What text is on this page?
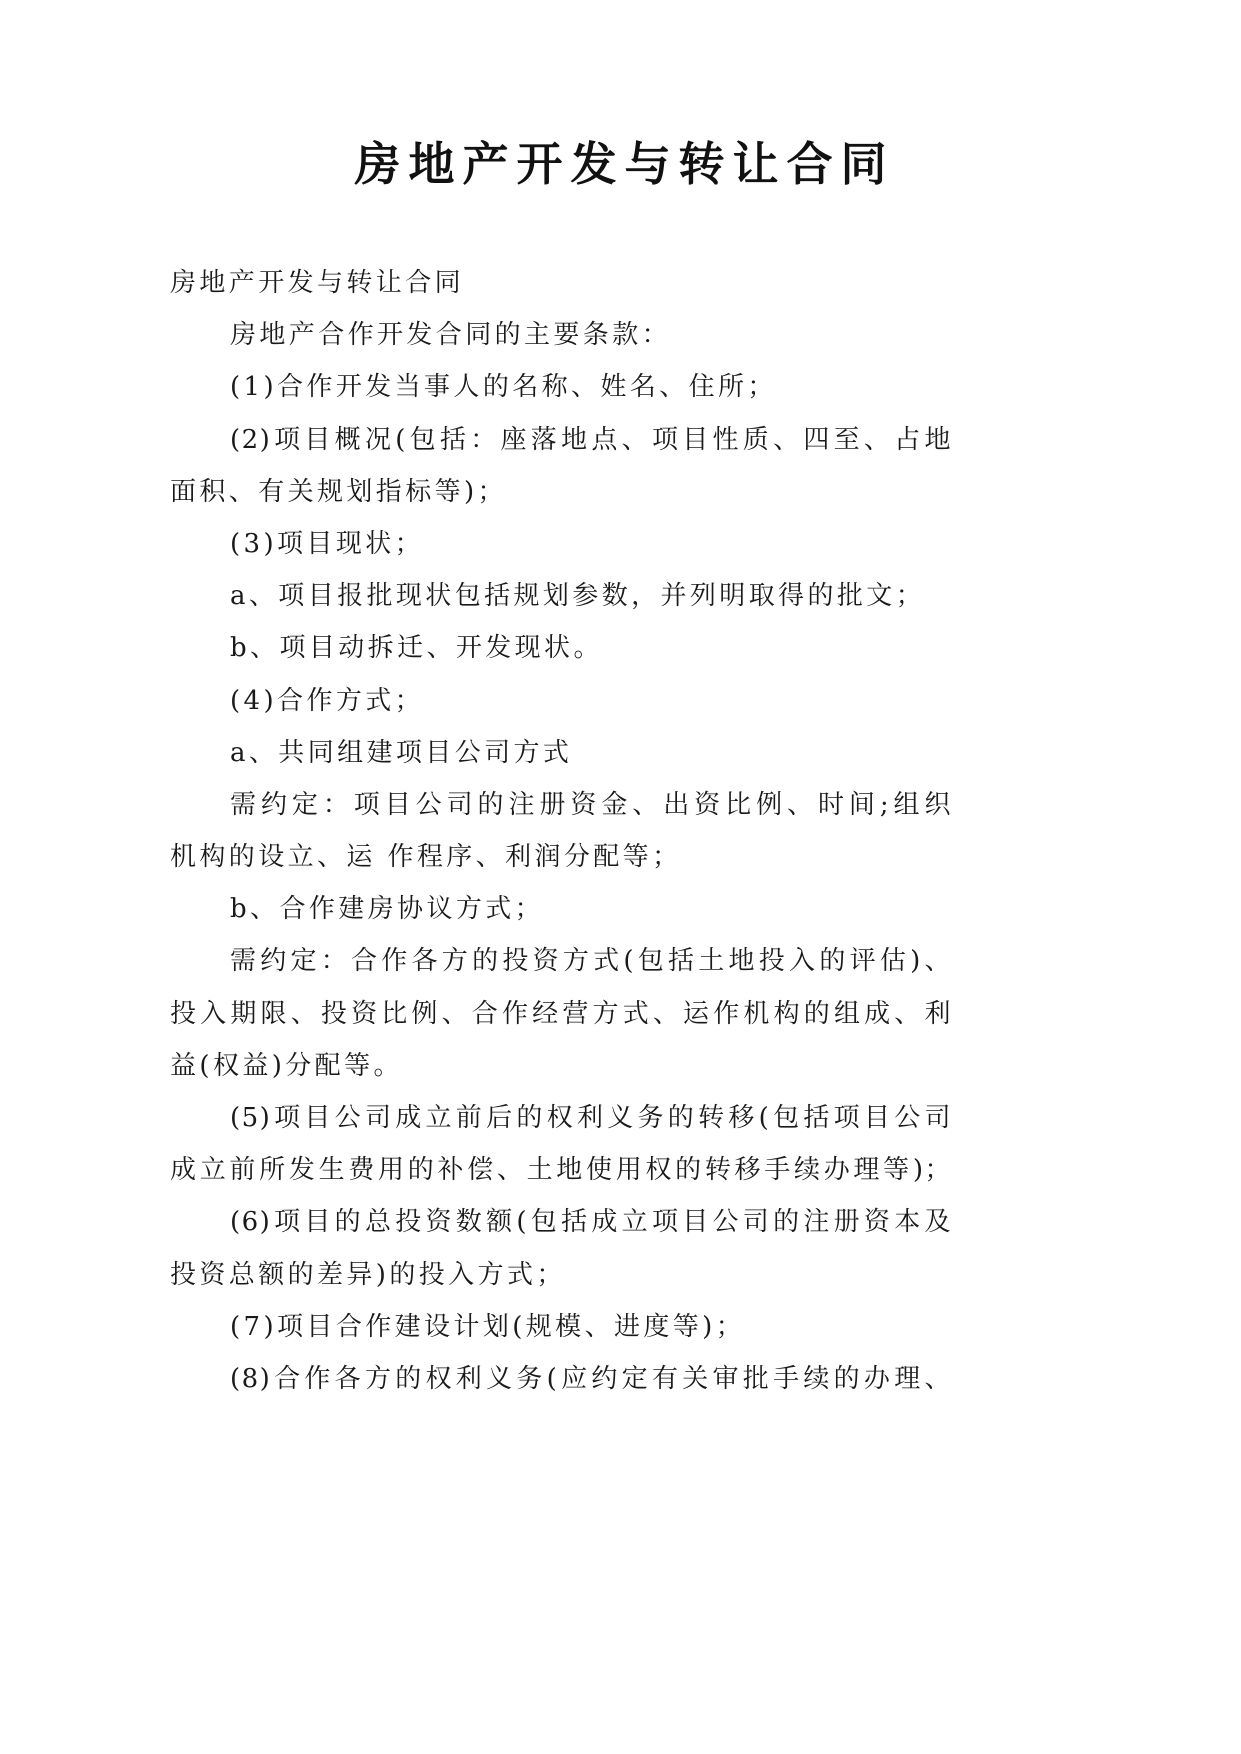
房地产开发与转让合同
房地产开发与转让合同
房地产合作开发合同的主要条款：
(1)合作开发当事人的名称、姓名、住所；
(2)项目概况(包括：座落地点、项目性质、四至、占地
面积、有关规划指标等)；
(3)项目现状；
a、项目报批现状包括规划参数，并列明取得的批文；
b、项目动拆迁、开发现状。
(4)合作方式；
a、共同组建项目公司方式
需约定：项目公司的注册资金、出资比例、时间;组织
机构的设立、运 作程序、利润分配等；
b、合作建房协议方式；
需约定：合作各方的投资方式(包括土地投入的评估)、
投入期限、投资比例、合作经营方式、运作机构的组成、利
益(权益)分配等。
(5)项目公司成立前后的权利义务的转移(包括项目公司
成立前所发生费用的补偿、土地使用权的转移手续办理等)；
(6)项目的总投资数额(包括成立项目公司的注册资本及
投资总额的差异)的投入方式；
(7)项目合作建设计划(规模、进度等)；
(8)合作各方的权利义务(应约定有关审批手续的办理、
